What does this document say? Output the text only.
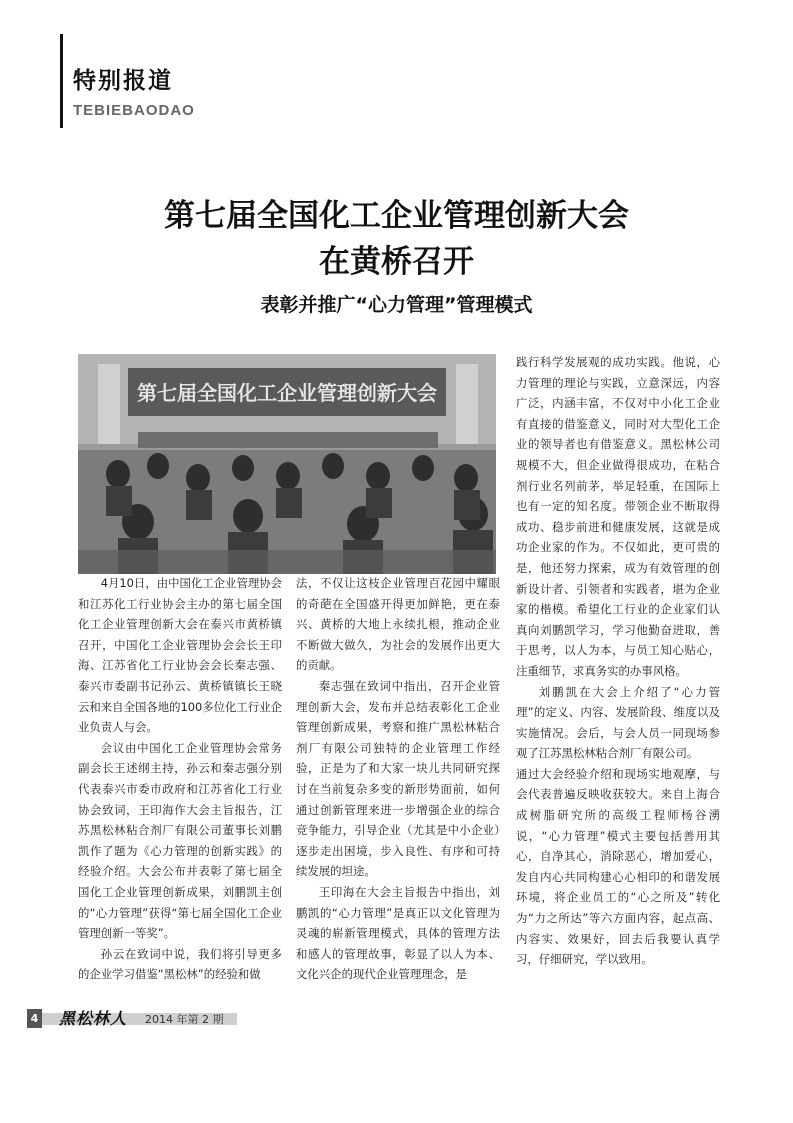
特别报道
TEBIEBAODAO
第七届全国化工企业管理创新大会
在黄桥召开
表彰并推广“心力管理”管理模式
第七届全国化工企业管理创新大会

4月10日，由中国化工企业管理协会和江苏化工行业协会主办的第七届全国化工企业管理创新大会在泰兴市黄桥镇召开，中国化工企业管理协会会长王印海、江苏省化工行业协会会长秦志强、泰兴市委副书记孙云、黄桥镇镇长王晓云和来自全国各地的100多位化工行业企业负责人与会。

会议由中国化工企业管理协会常务副会长王述纲主持，孙云和秦志强分别代表泰兴市委市政府和江苏省化工行业协会致词，王印海作大会主旨报告，江苏黑松林粘合剂厂有限公司董事长刘鹏凯作了题为《心力管理的创新实践》的经验介绍。大会公布并表彰了第七届全国化工企业管理创新成果，刘鹏凯主创的“心力管理”获得“第七届全国化工企业管理创新一等奖”。

孙云在致词中说，我们将引导更多的企业学习借鉴“黑松林”的经验和做

法，不仅让这枝企业管理百花园中耀眼的奇葩在全国盛开得更加鲜艳，更在泰兴、黄桥的大地上永续扎根，推动企业不断做大做久，为社会的发展作出更大的贡献。

秦志强在致词中指出，召开企业管理创新大会，发布并总结表彰化工企业管理创新成果，考察和推广黑松林粘合剂厂有限公司独特的企业管理工作经验，正是为了和大家一块儿共同研究探讨在当前复杂多变的新形势面前，如何通过创新管理来进一步增强企业的综合竞争能力，引导企业（尤其是中小企业）逐步走出困境，步入良性、有序和可持续发展的坦途。

王印海在大会主旨报告中指出，刘鹏凯的“心力管理”是真正以文化管理为灵魂的崭新管理模式，具体的管理方法和感人的管理故事，彰显了以人为本、文化兴企的现代企业管理理念，是

践行科学发展观的成功实践。他说，心力管理的理论与实践，立意深远，内容广泛，内涵丰富，不仅对中小化工企业有直接的借鉴意义，同时对大型化工企业的领导者也有借鉴意义。黑松林公司规模不大，但企业做得很成功，在粘合剂行业名列前茅，举足轻重，在国际上也有一定的知名度。带领企业不断取得成功、稳步前进和健康发展，这就是成功企业家的作为。不仅如此，更可贵的是，他还努力探索，成为有效管理的创新设计者、引领者和实践者，堪为企业家的楷模。希望化工行业的企业家们认真向刘鹏凯学习，学习他勤奋进取，善于思考，以人为本，与员工知心贴心，注重细节，求真务实的办事风格。

刘鹏凯在大会上介绍了“心力管理”的定义、内容、发展阶段、维度以及实施情况。会后，与会人员一同现场参观了江苏黑松林粘合剂厂有限公司。

通过大会经验介绍和现场实地观摩，与会代表普遍反映收获较大。来自上海合成树脂研究所的高级工程师杨谷湧说，“心力管理”模式主要包括善用其心，自净其心，消除恶心，增加爱心，发自内心共同构建心心相印的和谐发展环境，将企业员工的“心之所及”转化为“力之所达”等六方面内容，起点高、内容实、效果好，回去后我要认真学习，仔细研究，学以致用。

4 黑松林人 2014 年第 2 期
